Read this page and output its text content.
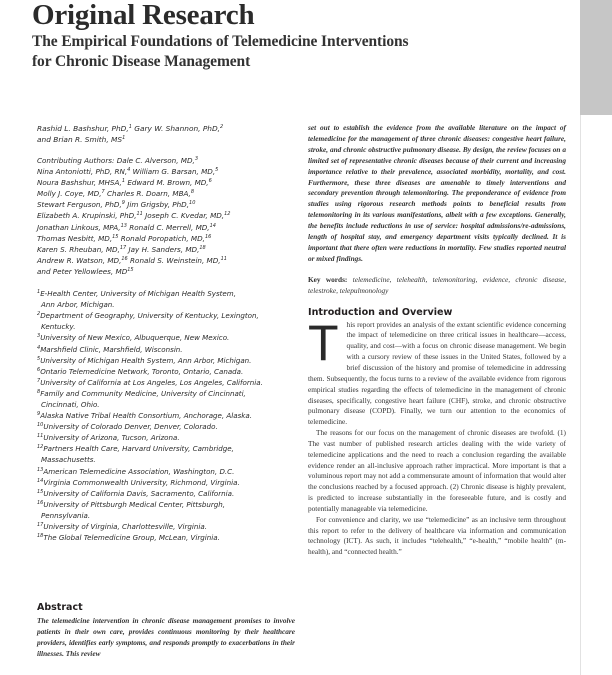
Original Research
The Empirical Foundations of Telemedicine Interventions
for Chronic Disease Management

Rashid L. Bashshur, PhD,$^1$ Gary W. Shannon, PhD,$^2$
and Brian R. Smith, $MS^1$

Contributing Authors: Dale C. Alverson, MD,$^3$
Nina Antoniotti, PhD, RN,$^4$ William G. Barsan, MD,$^5$
Noura Bashshur, MHSA,$^1$ Edward M. Brown, MD,$^6$
Molly J. Coye, MD,$^7$ Charles R. Doarn, MBA,$^8$
Stewart Ferguson, PhD,$^9$ Jim Grigsby, PhD,$^{10}$
Elizabeth A. Krupinski, PhD,$^{11}$ Joseph C. Kvedar, MD,$^{12}$
Jonathan Linkous, MPA,$^{13}$ Ronald C. Merrell, MD,$^{14}$
Thomas Nesbitt, MD,$^{15}$ Ronald Poropatich, MD,$^{16}$
Karen S. Rheuban, MD,$^{17}$ Jay H. Sanders, MD,$^{18}$
Andrew R. Watson, MD,$^{16}$ Ronald S. Weinstein, MD,$^{11}$
and Peter Yellowlees, MD$^{15}$

$^1$E-Health Center, University of Michigan Health System,
Ann Arbor, Michigan.
$^2$Department of Geography, University of Kentucky, Lexington,
Kentucky.
$^3$University of New Mexico, Albuquerque, New Mexico.
$^4$Marshfield Clinic, Marshfield, Wisconsin.
$^5$University of Michigan Health System, Ann Arbor, Michigan.
$^6$Ontario Telemedicine Network, Toronto, Ontario, Canada.
$^7$University of California at Los Angeles, Los Angeles, California.
$^8$Family and Community Medicine, University of Cincinnati,
Cincinnati, Ohio.
$^9$Alaska Native Tribal Health Consortium, Anchorage, Alaska.
$^{10}$University of Colorado Denver, Denver, Colorado.
$^{11}$University of Arizona, Tucson, Arizona.
$^{12}$Partners Health Care, Harvard University, Cambridge,
Massachusetts.
$^{13}$American Telemedicine Association, Washington, D.C.
$^{14}$Virginia Commonwealth University, Richmond, Virginia.
$^{15}$University of California Davis, Sacramento, California.
$^{16}$University of Pittsburgh Medical Center, Pittsburgh,
Pennsylvania.
$^{17}$University of Virginia, Charlottesville, Virginia.
$^{18}$The Global Telemedicine Group, McLean, Virginia.
Abstract

The telemedicine intervention in chronic disease management promises to involve patients in their own care, provides continuous monitoring by their healthcare providers, identifies early symptoms, and responds promptly to exacerbations in their illnesses. This review

set out to establish the evidence from the available literature on the impact of telemedicine for the management of three chronic diseases: congestive heart failure, stroke, and chronic obstructive pulmonary disease. By design, the review focuses on a limited set of representative chronic diseases because of their current and increasing importance relative to their prevalence, associated morbidity, mortality, and cost. Furthermore, these three diseases are amenable to timely interventions and secondary prevention through telemonitoring. The preponderance of evidence from studies using rigorous research methods points to beneficial results from telemonitoring in its various manifestations, albeit with a few exceptions. Generally, the benefits include reductions in use of service: hospital admissions/re-admissions, length of hospital stay, and emergency department visits typically declined. It is important that there often were reductions in mortality. Few studies reported neutral or mixed findings.

Key words: telemedicine, telehealth, telemonitoring, evidence, chronic disease, telestroke, telepulmonology

Introduction and Overview

T his report provides an analysis of the extant scientific evidence concerning the impact of telemedicine on three critical issues in healthcare—access, quality, and cost—with a focus on chronic disease management. We begin with a cursory review of these issues in the United States, followed by a brief discussion of the history and promise of telemedicine in addressing them. Subsequently, the focus turns to a review of the available evidence from rigorous empirical studies regarding the effects of telemedicine in the management of chronic diseases, specifically, congestive heart failure (CHF), stroke, and chronic obstructive pulmonary disease (COPD). Finally, we turn our attention to the economics of telemedicine.

The reasons for our focus on the management of chronic diseases are twofold. (1) The vast number of published research articles dealing with the wide variety of telemedicine applications and the need to reach a conclusion regarding the available evidence render an all-inclusive approach rather impractical. More important is that a voluminous report may not add a commensurate amount of information that would alter the conclusions reached by a focused approach. (2) Chronic disease is highly prevalent, is predicted to increase substantially in the foreseeable future, and is costly and potentially manageable via telemedicine.

For convenience and clarity, we use “telemedicine” as an inclusive term throughout this report to refer to the delivery of healthcare via information and communication technology (ICT). As such, it includes “telehealth,” “e-health,” “mobile health” (m-health), and “connected health.”
